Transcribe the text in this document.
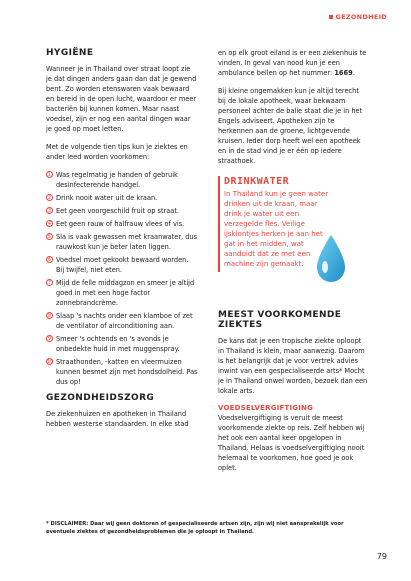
GEZONDHEID
HYGIËNE

Wanneer je in Thailand over straat loopt zie je dat dingen anders gaan dan dat je gewend bent. Zo worden etenswaren vaak bewaard en bereid in de open lucht, waardoor er meer bacteriën bij kunnen komen. Maar naast voedsel, zijn er nog een aantal dingen waar je goed op moet letten.

Met de volgende tien tips kun je ziektes en ander leed worden voorkomen:

1 Was regelmatig je handen of gebruik desinfecterende handgel.
2 Drink nooit water uit de kraan.
3 Eet geen voorgeschild fruit op straat.
4 Eet geen rauw of halfrauw vlees of vis.
5 Sla is vaak gewassen met kraanwater, dus rauwkost kun je beter laten liggen.
6 Voedsel moet gekookt bewaard worden. Bij twijfel, niet eten.
7 Mijd de felle middagzon en smeer je altijd goed in met een hoge factor zonnebrandcrème.
8 Slaap 's nachts onder een klamboe of zet de ventilator of airconditioning aan.
9 Smeer 's ochtends en 's avonds je onbedekte huid in met muggenspray.
10 Straathonden, -katten en vleermuizen kunnen besmet zijn met hondsdolheid. Pas dus op!
GEZONDHEIDSZORG

De ziekenhuizen en apotheken in Thailand hebben westerse standaarden. In elke stad

en op elk groot eiland is er een ziekenhuis te vinden. In geval van nood kun je een ambulance bellen op het nummer: 1669.

Bij kleine ongemakken kun je altijd terecht bij de lokale apotheek, waar bekwaam personeel achter de balie staat die je in het Engels adviseert. Apotheken zijn te herkennen aan de groene, lichtgevende kruisen. Ieder dorp heeft wel een apotheek en in de stad vind je er één op iedere straathoek.

DRINKWATER
In Thailand kun je geen water drinken uit de kraan, maar drink je water uit een verzegelde fles. Veilige ijsklontjes herken je aan het gat in het midden, wat aanduidt dat ze met een machine zijn gemaakt.
MEEST VOORKOMENDE ZIEKTES

De kans dat je een tropische ziekte oploopt in Thailand is klein, maar aanwezig. Daarom is het belangrijk dat je voor vertrek advies inwint van een gespecialiseerde arts* Mocht je in Thailand onwel worden, bezoek dan een lokale arts.

VOEDSELVERGIFTIGING

Voedselvergiftiging is veruit de meest voorkomende ziekte op reis. Zelf hebben wij het ook een aantal keer opgelopen in Thailand. Helaas is voedselvergiftiging nooit helemaal te voorkomen, hoe goed je ook oplet.

* DISCLAIMER: Daar wij geen doktoren of gespecialiseerde artsen zijn, zijn wij niet aansprakelijk voor eventuele ziektes of gezondheidsproblemen die je oploopt in Thailand.
79
